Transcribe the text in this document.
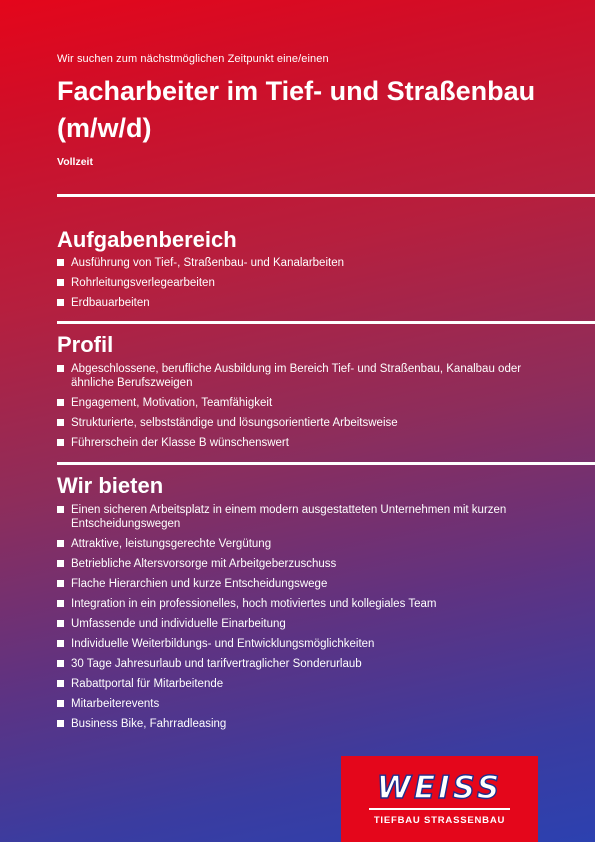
Wir suchen zum nächstmöglichen Zeitpunkt eine/einen
Facharbeiter im Tief- und Straßenbau (m/w/d)
Vollzeit
Aufgabenbereich
Ausführung von Tief-, Straßenbau- und Kanalarbeiten
Rohrleitungsverlegearbeiten
Erdbauarbeiten
Profil
Abgeschlossene, berufliche Ausbildung im Bereich Tief- und Straßenbau, Kanalbau oder ähnliche Berufszweigen
Engagement, Motivation, Teamfähigkeit
Strukturierte, selbstständige und lösungsorientierte Arbeitsweise
Führerschein der Klasse B wünschenswert
Wir bieten
Einen sicheren Arbeitsplatz in einem modern ausgestatteten Unternehmen mit kurzen Entscheidungswegen
Attraktive, leistungsgerechte Vergütung
Betriebliche Altersvorsorge mit Arbeitgeberzuschuss
Flache Hierarchien und kurze Entscheidungswege
Integration in ein professionelles, hoch motiviertes und kollegiales Team
Umfassende und individuelle Einarbeitung
Individuelle Weiterbildungs- und Entwicklungsmöglichkeiten
30 Tage Jahresurlaub und tarifvertraglicher Sonderurlaub
Rabattportal für Mitarbeitende
Mitarbeiterevents
Business Bike, Fahrradleasing
WEISS
TIEFBAU STRASSENBAU
